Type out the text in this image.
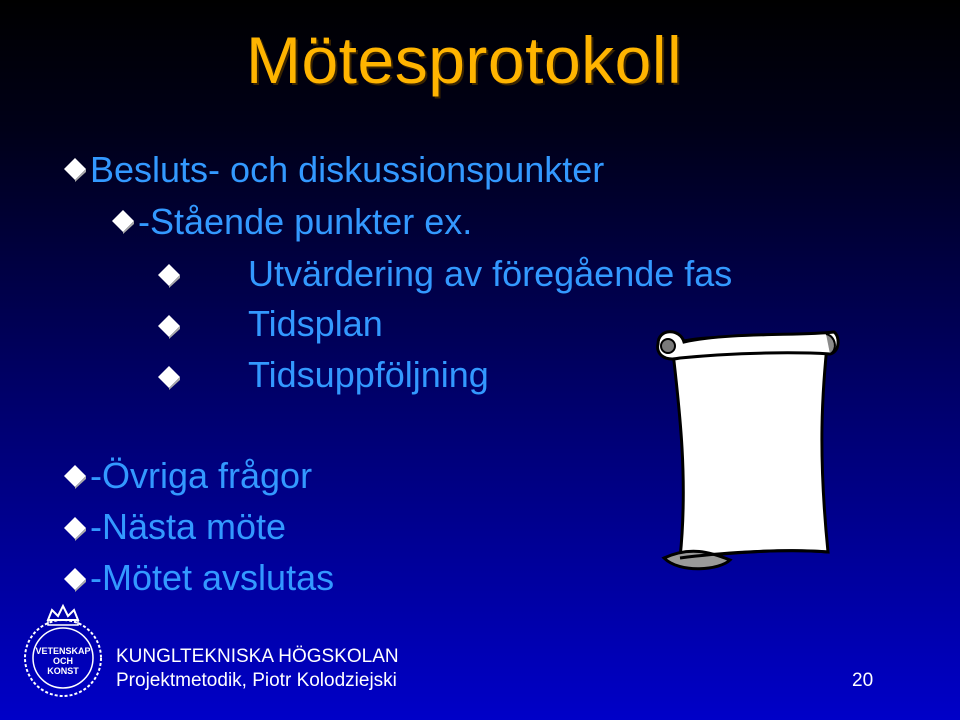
Mötesprotokoll
Besluts- och diskussionspunkter
-Stående punkter ex.
Utvärdering av föregående fas
Tidsplan
Tidsuppföljning
-Övriga frågor
-Nästa möte
-Mötet avslutas
VETENSKAP
OCH
KONST
KUNGLTEKNISKA HÖGSKOLAN
Projektmetodik, Piotr Kolodziejski	20
